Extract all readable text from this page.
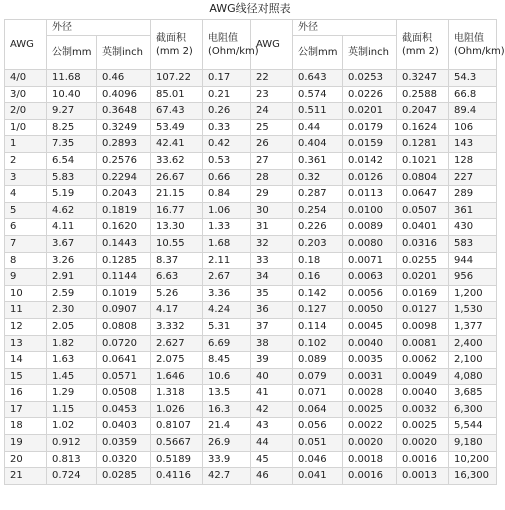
AWG线径对照表
AWG	外径		截面积(mm 2)	电阻值(Ohm/km)	AWG	外径		截面积(mm 2)	电阻值(Ohm/km)
	公制mm	英制inch				公制mm	英制inch		
4/0	11.68	0.46	107.22	0.17	22	0.643	0.0253	0.3247	54.3
3/0	10.40	0.4096	85.01	0.21	23	0.574	0.0226	0.2588	66.8
2/0	9.27	0.3648	67.43	0.26	24	0.511	0.0201	0.2047	89.4
1/0	8.25	0.3249	53.49	0.33	25	0.44	0.0179	0.1624	106
1	7.35	0.2893	42.41	0.42	26	0.404	0.0159	0.1281	143
2	6.54	0.2576	33.62	0.53	27	0.361	0.0142	0.1021	128
3	5.83	0.2294	26.67	0.66	28	0.32	0.0126	0.0804	227
4	5.19	0.2043	21.15	0.84	29	0.287	0.0113	0.0647	289
5	4.62	0.1819	16.77	1.06	30	0.254	0.0100	0.0507	361
6	4.11	0.1620	13.30	1.33	31	0.226	0.0089	0.0401	430
7	3.67	0.1443	10.55	1.68	32	0.203	0.0080	0.0316	583
8	3.26	0.1285	8.37	2.11	33	0.18	0.0071	0.0255	944
9	2.91	0.1144	6.63	2.67	34	0.16	0.0063	0.0201	956
10	2.59	0.1019	5.26	3.36	35	0.142	0.0056	0.0169	1,200
11	2.30	0.0907	4.17	4.24	36	0.127	0.0050	0.0127	1,530
12	2.05	0.0808	3.332	5.31	37	0.114	0.0045	0.0098	1,377
13	1.82	0.0720	2.627	6.69	38	0.102	0.0040	0.0081	2,400
14	1.63	0.0641	2.075	8.45	39	0.089	0.0035	0.0062	2,100
15	1.45	0.0571	1.646	10.6	40	0.079	0.0031	0.0049	4,080
16	1.29	0.0508	1.318	13.5	41	0.071	0.0028	0.0040	3,685
17	1.15	0.0453	1.026	16.3	42	0.064	0.0025	0.0032	6,300
18	1.02	0.0403	0.8107	21.4	43	0.056	0.0022	0.0025	5,544
19	0.912	0.0359	0.5667	26.9	44	0.051	0.0020	0.0020	9,180
20	0.813	0.0320	0.5189	33.9	45	0.046	0.0018	0.0016	10,200
21	0.724	0.0285	0.4116	42.7	46	0.041	0.0016	0.0013	16,300
